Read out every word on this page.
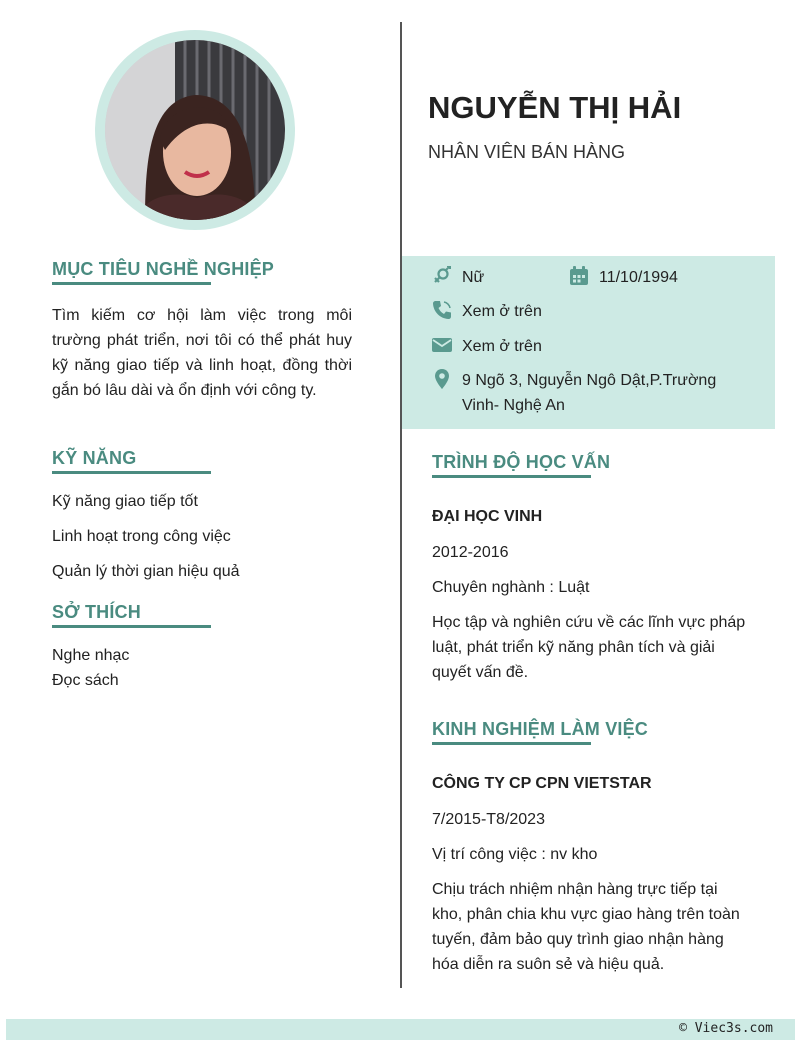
MỤC TIÊU NGHỀ NGHIỆP
Tìm kiếm cơ hội làm việc trong môi trường phát triển, nơi tôi có thể phát huy kỹ năng giao tiếp và linh hoạt, đồng thời gắn bó lâu dài và ổn định với công ty.
KỸ NĂNG
Kỹ năng giao tiếp tốt
Linh hoạt trong công việc
Quản lý thời gian hiệu quả
SỞ THÍCH
Nghe nhạc
Đọc sách
NGUYỄN THỊ HẢI
NHÂN VIÊN BÁN HÀNG
Nữ	11/10/1994
Xem ở trên
Xem ở trên
9 Ngõ 3, Nguyễn Ngô Dật,P.Trường
Vinh- Nghệ An
TRÌNH ĐỘ HỌC VẤN
ĐẠI HỌC VINH
2012-2016
Chuyên nghành : Luật
Học tập và nghiên cứu về các lĩnh vực pháp luật, phát triển kỹ năng phân tích và giải quyết vấn đề.
KINH NGHIỆM LÀM VIỆC
CÔNG TY CP CPN VIETSTAR
7/2015-T8/2023
Vị trí công việc : nv kho
Chịu trách nhiệm nhận hàng trực tiếp tại kho, phân chia khu vực giao hàng trên toàn tuyến, đảm bảo quy trình giao nhận hàng hóa diễn ra suôn sẻ và hiệu quả.
© Viec3s.com
